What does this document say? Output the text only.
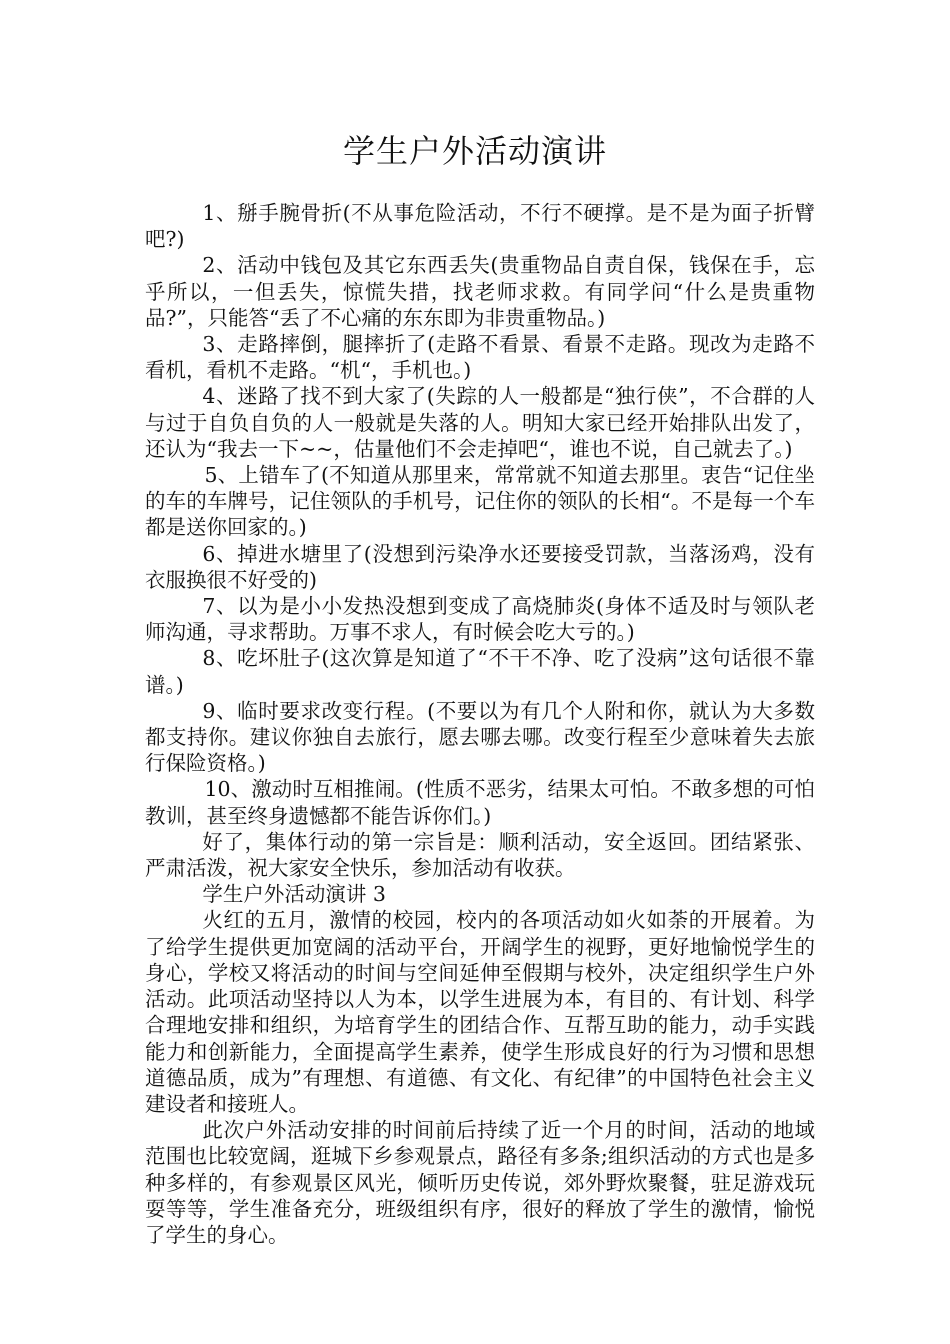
学生户外活动演讲

1、掰手腕骨折(不从事危险活动，不行不硬撑。是不是为面子折臂吧?)

2、活动中钱包及其它东西丢失(贵重物品自责自保，钱保在手，忘乎所以，一但丢失，惊慌失措，找老师求救。有同学问“什么是贵重物品?”，只能答“丢了不心痛的东东即为非贵重物品。)

3、走路摔倒，腿摔折了(走路不看景、看景不走路。现改为走路不看机，看机不走路。“机“，手机也。)

4、迷路了找不到大家了(失踪的人一般都是“独行侠”，不合群的人与过于自负自负的人一般就是失落的人。明知大家已经开始排队出发了，还认为“我去一下~~，估量他们不会走掉吧“，谁也不说，自己就去了。)

5、上错车了(不知道从那里来，常常就不知道去那里。衷告“记住坐的车的车牌号，记住领队的手机号，记住你的领队的长相“。不是每一个车都是送你回家的。)

6、掉进水塘里了(没想到污染净水还要接受罚款，当落汤鸡，没有衣服换很不好受的)

7、以为是小小发热没想到变成了高烧肺炎(身体不适及时与领队老师沟通，寻求帮助。万事不求人，有时候会吃大亏的。)

8、吃坏肚子(这次算是知道了“不干不净、吃了没病”这句话很不靠谱。)

9、临时要求改变行程。(不要以为有几个人附和你，就认为大多数都支持你。建议你独自去旅行，愿去哪去哪。改变行程至少意味着失去旅行保险资格。)

10、激动时互相推闹。(性质不恶劣，结果太可怕。不敢多想的可怕教训，甚至终身遗憾都不能告诉你们。)

好了，集体行动的第一宗旨是：顺利活动，安全返回。团结紧张、严肃活泼，祝大家安全快乐，参加活动有收获。

学生户外活动演讲 3

火红的五月，激情的校园，校内的各项活动如火如荼的开展着。为了给学生提供更加宽阔的活动平台，开阔学生的视野，更好地愉悦学生的身心，学校又将活动的时间与空间延伸至假期与校外，决定组织学生户外活动。此项活动坚持以人为本，以学生进展为本，有目的、有计划、科学合理地安排和组织，为培育学生的团结合作、互帮互助的能力，动手实践能力和创新能力，全面提高学生素养，使学生形成良好的行为习惯和思想道德品质，成为”有理想、有道德、有文化、有纪律”的中国特色社会主义建设者和接班人。

此次户外活动安排的时间前后持续了近一个月的时间，活动的地域范围也比较宽阔，逛城下乡参观景点，路径有多条;组织活动的方式也是多种多样的，有参观景区风光，倾听历史传说，郊外野炊聚餐，驻足游戏玩耍等等，学生准备充分，班级组织有序，很好的释放了学生的激情，愉悦了学生的身心。
